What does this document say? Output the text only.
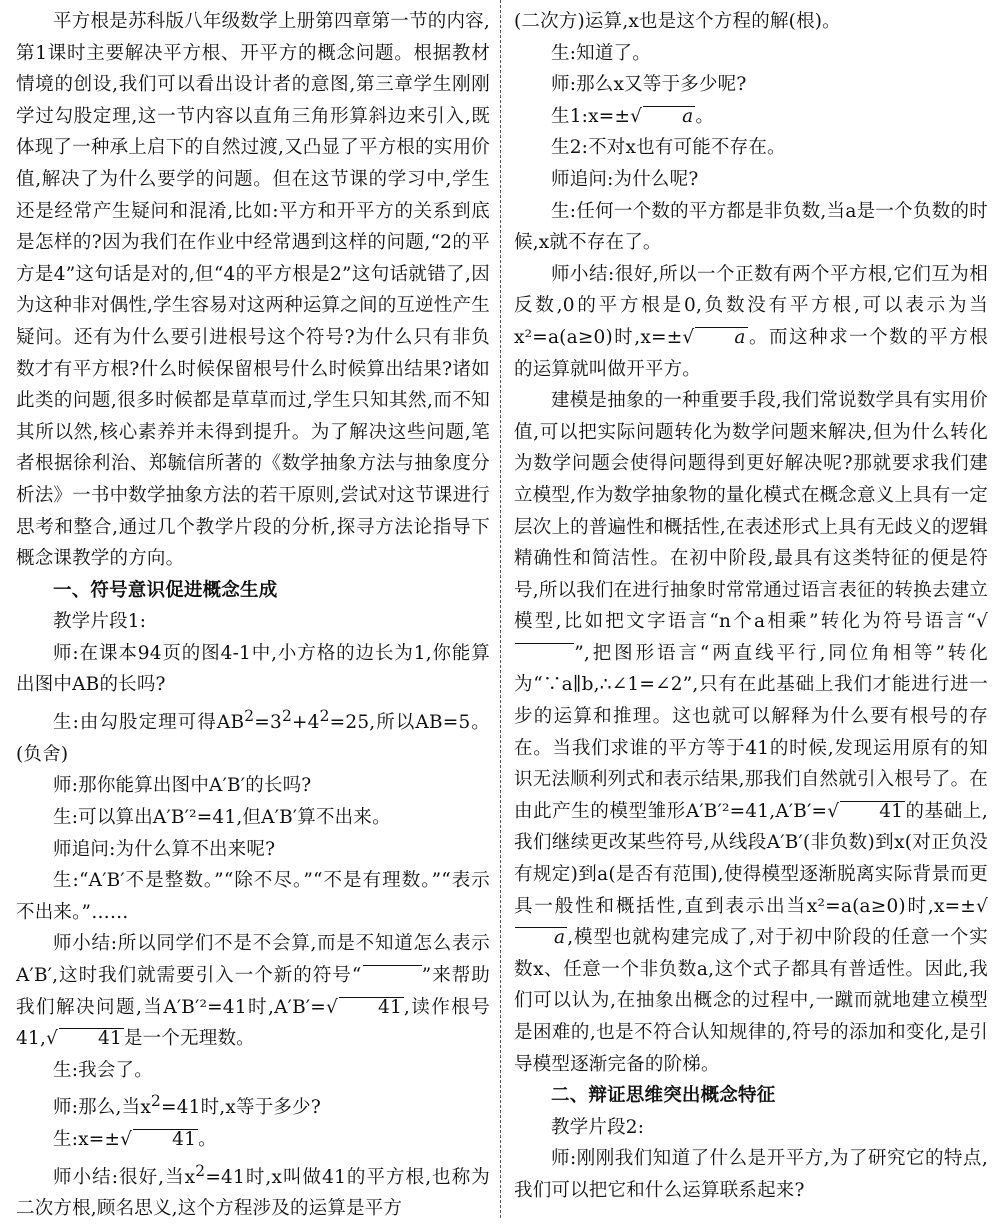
平方根是苏科版八年级数学上册第四章第一节的内容,第1课时主要解决平方根、开平方的概念问题。根据教材情境的创设,我们可以看出设计者的意图,第三章学生刚刚学过勾股定理,这一节内容以直角三角形算斜边来引入,既体现了一种承上启下的自然过渡,又凸显了平方根的实用价值,解决了为什么要学的问题。但在这节课的学习中,学生还是经常产生疑问和混淆,比如:平方和开平方的关系到底是怎样的?因为我们在作业中经常遇到这样的问题,“2的平方是4”这句话是对的,但“4的平方根是2”这句话就错了,因为这种非对偶性,学生容易对这两种运算之间的互逆性产生疑问。还有为什么要引进根号这个符号?为什么只有非负数才有平方根?什么时候保留根号什么时候算出结果?诸如此类的问题,很多时候都是草草而过,学生只知其然,而不知其所以然,核心素养并未得到提升。为了解决这些问题,笔者根据徐利治、郑毓信所著的《数学抽象方法与抽象度分析法》一书中数学抽象方法的若干原则,尝试对这节课进行思考和整合,通过几个教学片段的分析,探寻方法论指导下概念课教学的方向。

一、符号意识促进概念生成

教学片段1:

师:在课本94页的图4-1中,小方格的边长为1,你能算出图中AB的长吗?

生:由勾股定理可得$AB^2=3^2+4^2=25$,所以AB=5。(负舍)

师:那你能算出图中A′B′的长吗?

生:可以算出A′B′²=41,但A′B′算不出来。

师追问:为什么算不出来呢?

生:“A′B′不是整数。”“除不尽。”“不是有理数。”“表示不出来。”……

师小结:所以同学们不是不会算,而是不知道怎么表示A′B′,这时我们就需要引入一个新的符号“	”来帮助我们解决问题,当A′B′²=41时,A′B′=√ 41 ,读作根号41,√ 41 是一个无理数。

生:我会了。

师:那么,当$x^2=41$时,x等于多少?

生:x=±√ 41 。

师小结:很好,当$x^2=41$时,x叫做41的平方根,也称为二次方根,顾名思义,这个方程涉及的运算是平方

(二次方)运算,x也是这个方程的解(根)。

生:知道了。

师:那么x又等于多少呢?

生1:x=±√ a 。

生2:不对x也有可能不存在。

师追问:为什么呢?

生:任何一个数的平方都是非负数,当a是一个负数的时候,x就不存在了。

师小结:很好,所以一个正数有两个平方根,它们互为相反数,0的平方根是0,负数没有平方根,可以表示为当x²=a(a≥0)时,x=±√ a 。而这种求一个数的平方根的运算就叫做开平方。

建模是抽象的一种重要手段,我们常说数学具有实用价值,可以把实际问题转化为数学问题来解决,但为什么转化为数学问题会使得问题得到更好解决呢?那就要求我们建立模型,作为数学抽象物的量化模式在概念意义上具有一定层次上的普遍性和概括性,在表述形式上具有无歧义的逻辑精确性和简洁性。在初中阶段,最具有这类特征的便是符号,所以我们在进行抽象时常常通过语言表征的转换去建立模型,比如把文字语言“n个a相乘”转化为符号语言“√   ”,把图形语言“两直线平行,同位角相等”转化为“∵a∥b,∴∠1=∠2”,只有在此基础上我们才能进行进一步的运算和推理。这也就可以解释为什么要有根号的存在。当我们求谁的平方等于41的时候,发现运用原有的知识无法顺利列式和表示结果,那我们自然就引入根号了。在由此产生的模型雏形A′B′²=41,A′B′=√ 41 的基础上,我们继续更改某些符号,从线段A′B′(非负数)到x(对正负没有规定)到a(是否有范围),使得模型逐渐脱离实际背景而更具一般性和概括性,直到表示出当x²=a(a≥0)时,x=±√a ,模型也就构建完成了,对于初中阶段的任意一个实数x、任意一个非负数a,这个式子都具有普适性。因此,我们可以认为,在抽象出概念的过程中,一蹴而就地建立模型是困难的,也是不符合认知规律的,符号的添加和变化,是引导模型逐渐完备的阶梯。

二、辩证思维突出概念特征

教学片段2:

师:刚刚我们知道了什么是开平方,为了研究它的特点,我们可以把它和什么运算联系起来?
